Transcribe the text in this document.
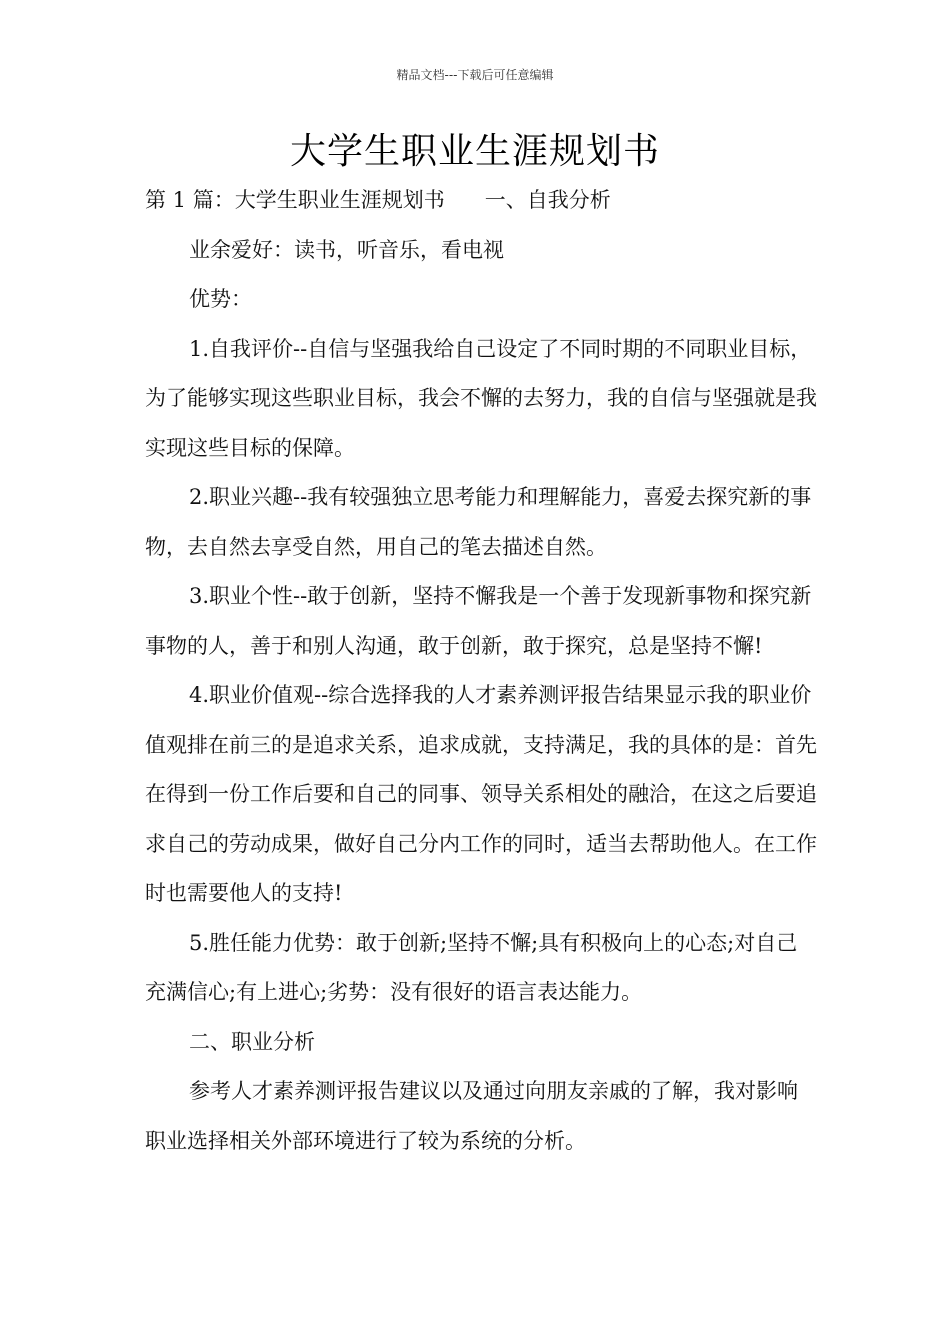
精品文档---下载后可任意编辑
大学生职业生涯规划书

第 1 篇：大学生职业生涯规划书      一、自我分析

业余爱好：读书，听音乐，看电视

优势：

1.自我评价--自信与坚强我给自己设定了不同时期的不同职业目标，为了能够实现这些职业目标，我会不懈的去努力，我的自信与坚强就是我实现这些目标的保障。

2.职业兴趣--我有较强独立思考能力和理解能力，喜爱去探究新的事物，去自然去享受自然，用自己的笔去描述自然。

3.职业个性--敢于创新，坚持不懈我是一个善于发现新事物和探究新事物的人，善于和别人沟通，敢于创新，敢于探究，总是坚持不懈!

4.职业价值观--综合选择我的人才素养测评报告结果显示我的职业价值观排在前三的是追求关系，追求成就，支持满足，我的具体的是：首先在得到一份工作后要和自己的同事、领导关系相处的融洽，在这之后要追求自己的劳动成果，做好自己分内工作的同时，适当去帮助他人。在工作时也需要他人的支持!

5.胜任能力优势：敢于创新;坚持不懈;具有积极向上的心态;对自己充满信心;有上进心;劣势：没有很好的语言表达能力。

二、职业分析

参考人才素养测评报告建议以及通过向朋友亲戚的了解，我对影响职业选择相关外部环境进行了较为系统的分析。
